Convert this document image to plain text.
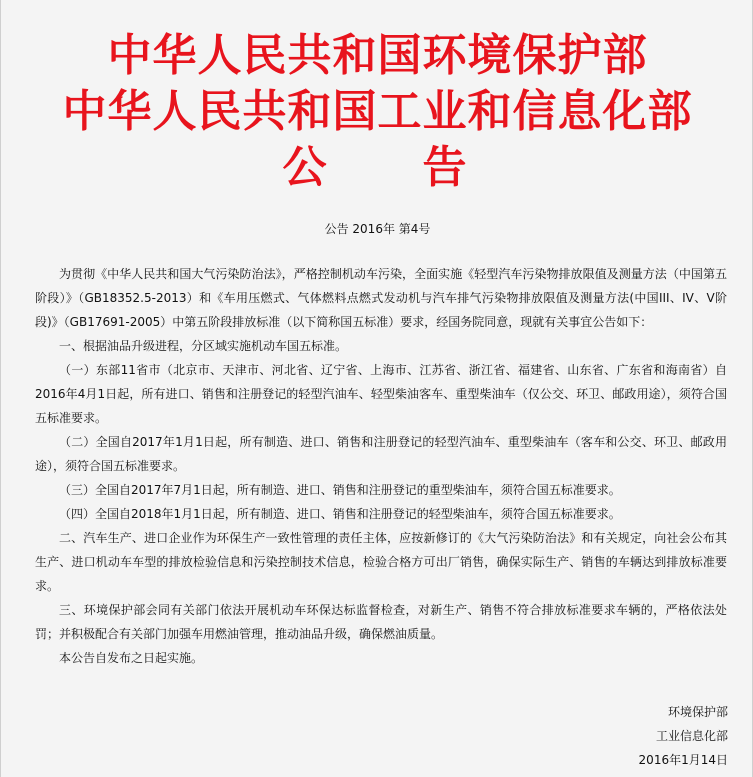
中华人民共和国环境保护部
中华人民共和国工业和信息化部
公 告
公告 2016年 第4号

为贯彻《中华人民共和国大气污染防治法》，严格控制机动车污染，全面实施《轻型汽车污染物排放限值及测量方法（中国第五阶段）》（GB18352.5-2013）和《车用压燃式、气体燃料点燃式发动机与汽车排气污染物排放限值及测量方法(中国III、IV、V阶段)》（GB17691-2005）中第五阶段排放标准（以下简称国五标准）要求，经国务院同意，现就有关事宜公告如下：

一、根据油品升级进程，分区域实施机动车国五标准。

（一）东部11省市（北京市、天津市、河北省、辽宁省、上海市、江苏省、浙江省、福建省、山东省、广东省和海南省）自2016年4月1日起，所有进口、销售和注册登记的轻型汽油车、轻型柴油客车、重型柴油车（仅公交、环卫、邮政用途），须符合国五标准要求。

（二）全国自2017年1月1日起，所有制造、进口、销售和注册登记的轻型汽油车、重型柴油车（客车和公交、环卫、邮政用途），须符合国五标准要求。

（三）全国自2017年7月1日起，所有制造、进口、销售和注册登记的重型柴油车，须符合国五标准要求。

（四）全国自2018年1月1日起，所有制造、进口、销售和注册登记的轻型柴油车，须符合国五标准要求。

二、汽车生产、进口企业作为环保生产一致性管理的责任主体，应按新修订的《大气污染防治法》和有关规定，向社会公布其生产、进口机动车车型的排放检验信息和污染控制技术信息，检验合格方可出厂销售，确保实际生产、销售的车辆达到排放标准要求。

三、环境保护部会同有关部门依法开展机动车环保达标监督检查，对新生产、销售不符合排放标准要求车辆的，严格依法处罚；并积极配合有关部门加强车用燃油管理，推动油品升级，确保燃油质量。

本公告自发布之日起实施。

环境保护部
工业信息化部
2016年1月14日
